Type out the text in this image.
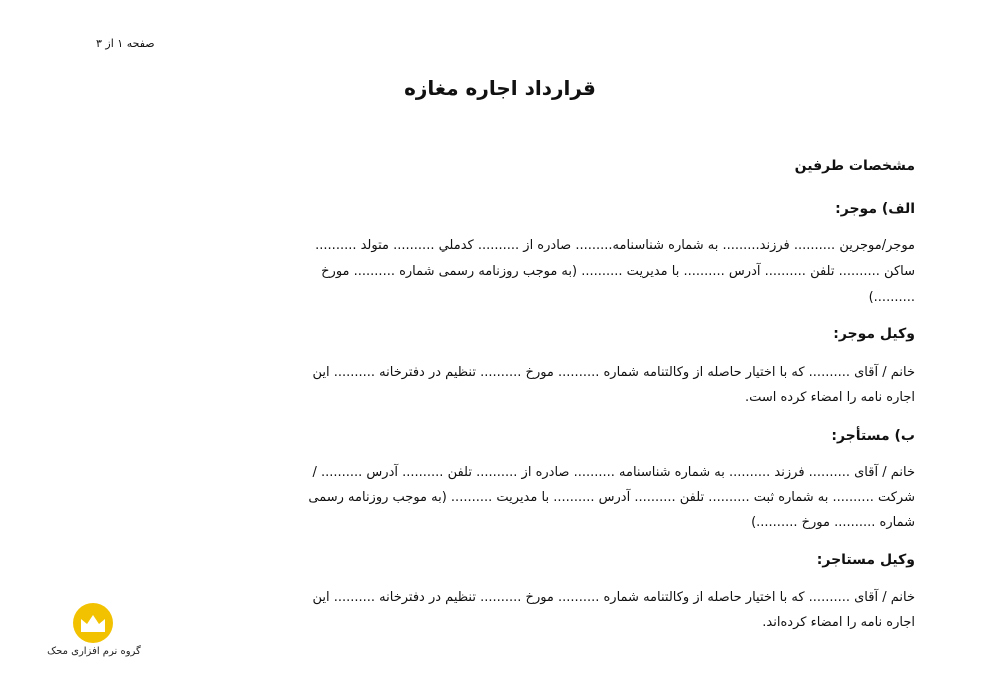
صفحه ۱ از ۳
قرارداد اجاره مغازه
مشخصات طرفین
الف) موجر:

موجر/موجرین .......... فرزند......... به شماره شناسنامه......... صادره از .......... کدملي .......... متولد ..........

ساکن .......... تلفن .......... آدرس .......... با مدیریت .......... (به موجب روزنامه رسمی شماره .......... مورخ

..........)

وکیل موجر:

خانم / آقای .......... که با اختیار حاصله از وکالتنامه شماره .......... مورخ .......... تنظیم در دفترخانه .......... این

اجاره نامه را امضاء کرده است.

ب) مستأجر:

خانم / آقای .......... فرزند .......... به شماره شناسنامه .......... صادره از .......... تلفن .......... آدرس .......... /

شرکت .......... به شماره ثبت .......... تلفن .......... آدرس .......... با مدیریت .......... (به موجب روزنامه رسمی

شماره .......... مورخ ..........)

وکیل مستاجر:

خانم / آقای .......... که با اختیار حاصله از وکالتنامه شماره .......... مورخ .......... تنظیم در دفترخانه .......... این

اجاره نامه را امضاء کرده‌اند.

گروه نرم افزاری محک
